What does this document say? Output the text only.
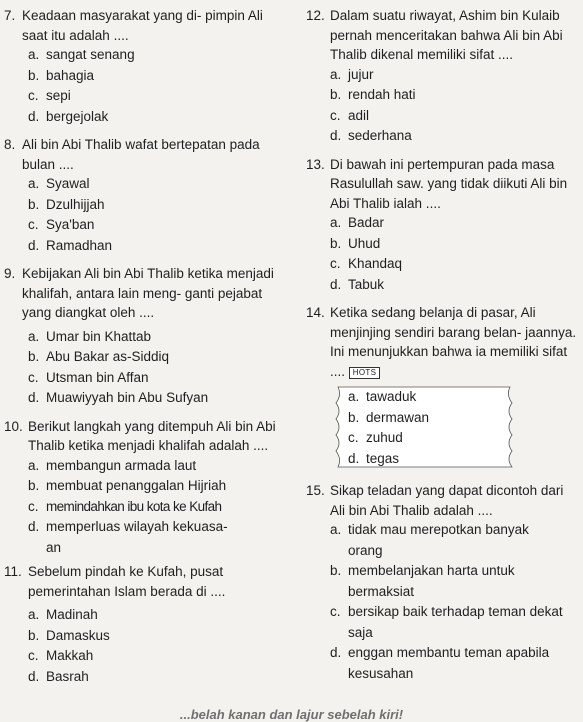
7. Keadaan masyarakat yang di- pimpin Ali saat itu adalah ....
a. sangat senang
b. bahagia
c. sepi
d. bergejolak
8. Ali bin Abi Thalib wafat bertepatan pada bulan ....
a. Syawal
b. Dzulhijjah
c. Sya'ban
d. Ramadhan
9. Kebijakan Ali bin Abi Thalib ketika menjadi khalifah, antara lain meng- ganti pejabat yang diangkat oleh ....
a. Umar bin Khattab
b. Abu Bakar as-Siddiq
c. Utsman bin Affan
d. Muawiyyah bin Abu Sufyan
10. Berikut langkah yang ditempuh Ali bin Abi Thalib ketika menjadi khalifah adalah ....
a. membangun armada laut
b. membuat penanggalan Hijriah
c. memindahkan ibu kota ke Kufah
d. memperluas wilayah kekuasa-
an
11. Sebelum pindah ke Kufah, pusat pemerintahan Islam berada di ....
a. Madinah
b. Damaskus
c. Makkah
d. Basrah
12. Dalam suatu riwayat, Ashim bin Kulaib pernah menceritakan bahwa Ali bin Abi Thalib dikenal memiliki sifat ....
a. jujur
b. rendah hati
c. adil
d. sederhana
13. Di bawah ini pertempuran pada masa Rasulullah saw. yang tidak diikuti Ali bin Abi Thalib ialah ....
a. Badar
b. Uhud
c. Khandaq
d. Tabuk
14. Ketika sedang belanja di pasar, Ali menjinjing sendiri barang belan- jaannya. Ini menunjukkan bahwa ia memiliki sifat .... HOTS
a. tawaduk
b. dermawan
c. zuhud
d. tegas
15. Sikap teladan yang dapat dicontoh dari Ali bin Abi Thalib adalah ....
a. tidak mau merepotkan banyak orang
b. membelanjakan harta untuk bermaksiat
c. bersikap baik terhadap teman dekat saja
d. enggan membantu teman apabila kesusahan
...belah kanan dan lajur sebelah kiri!
